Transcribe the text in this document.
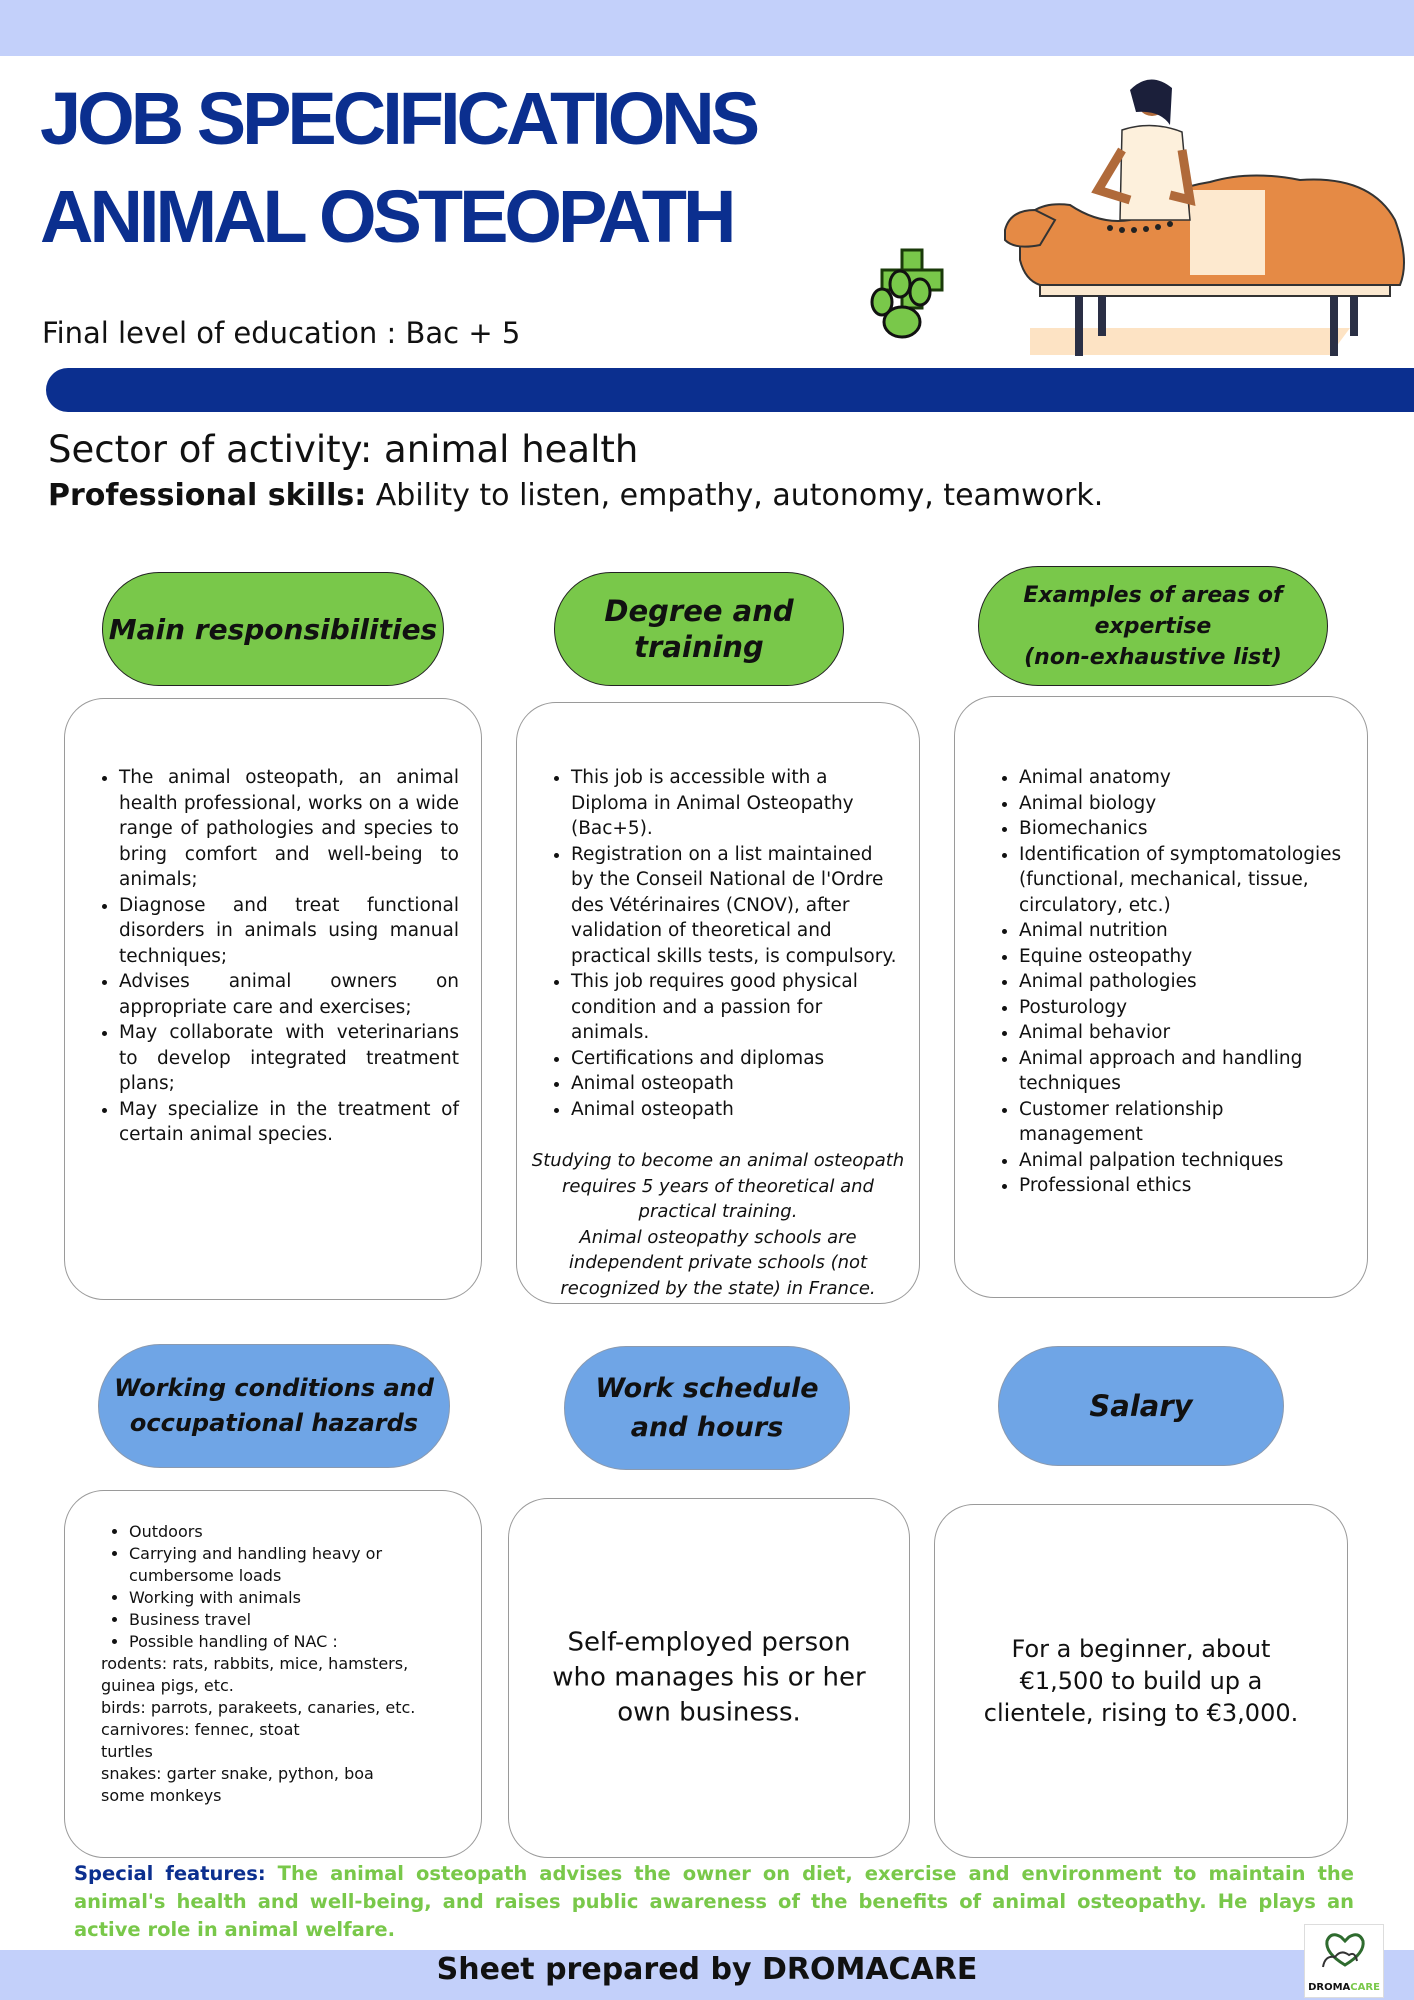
JOB SPECIFICATIONS
ANIMAL OSTEOPATH
Final level of education : Bac + 5
Sector of activity: animal health
Professional skills: Ability to listen, empathy, autonomy, teamwork.
Main responsibilities
Degree and
training
Examples of areas of
expertise
(non-exhaustive list)
• The animal osteopath, an animal health professional, works on a wide range of pathologies and species to bring comfort and well-being to animals;
• Diagnose and treat functional disorders in animals using manual techniques;
• Advises animal owners on appropriate care and exercises;
• May collaborate with veterinarians to develop integrated treatment plans;
• May specialize in the treatment of certain animal species.
• This job is accessible with a Diploma in Animal Osteopathy (Bac+5).
• Registration on a list maintained by the Conseil National de l'Ordre des Vétérinaires (CNOV), after validation of theoretical and practical skills tests, is compulsory.
• This job requires good physical condition and a passion for animals.
• Certifications and diplomas
• Animal osteopath
• Animal osteopath

Studying to become an animal osteopath requires 5 years of theoretical and practical training.

Animal osteopathy schools are independent private schools (not recognized by the state) in France.

• Animal anatomy
• Animal biology
• Biomechanics
• Identification of symptomatologies (functional, mechanical, tissue, circulatory, etc.)
• Animal nutrition
• Equine osteopathy
• Animal pathologies
• Posturology
• Animal behavior
• Animal approach and handling techniques
• Customer relationship management
• Animal palpation techniques
• Professional ethics
Working conditions and
occupational hazards
Work schedule
and hours
Salary
• Outdoors
• Carrying and handling heavy or cumbersome loads
• Working with animals
• Business travel
• Possible handling of NAC :
rodents: rats, rabbits, mice, hamsters, guinea pigs, etc.
birds: parrots, parakeets, canaries, etc.
carnivores: fennec, stoat
turtles
snakes: garter snake, python, boa
some monkeys
Self-employed person who manages his or her own business.
For a beginner, about €1,500 to build up a clientele, rising to €3,000.
Special features: The animal osteopath advises the owner on diet, exercise and environment to maintain the animal's health and well-being, and raises public awareness of the benefits of animal osteopathy. He plays an active role in animal welfare.
Sheet prepared by DROMACARE
DROMACARE
